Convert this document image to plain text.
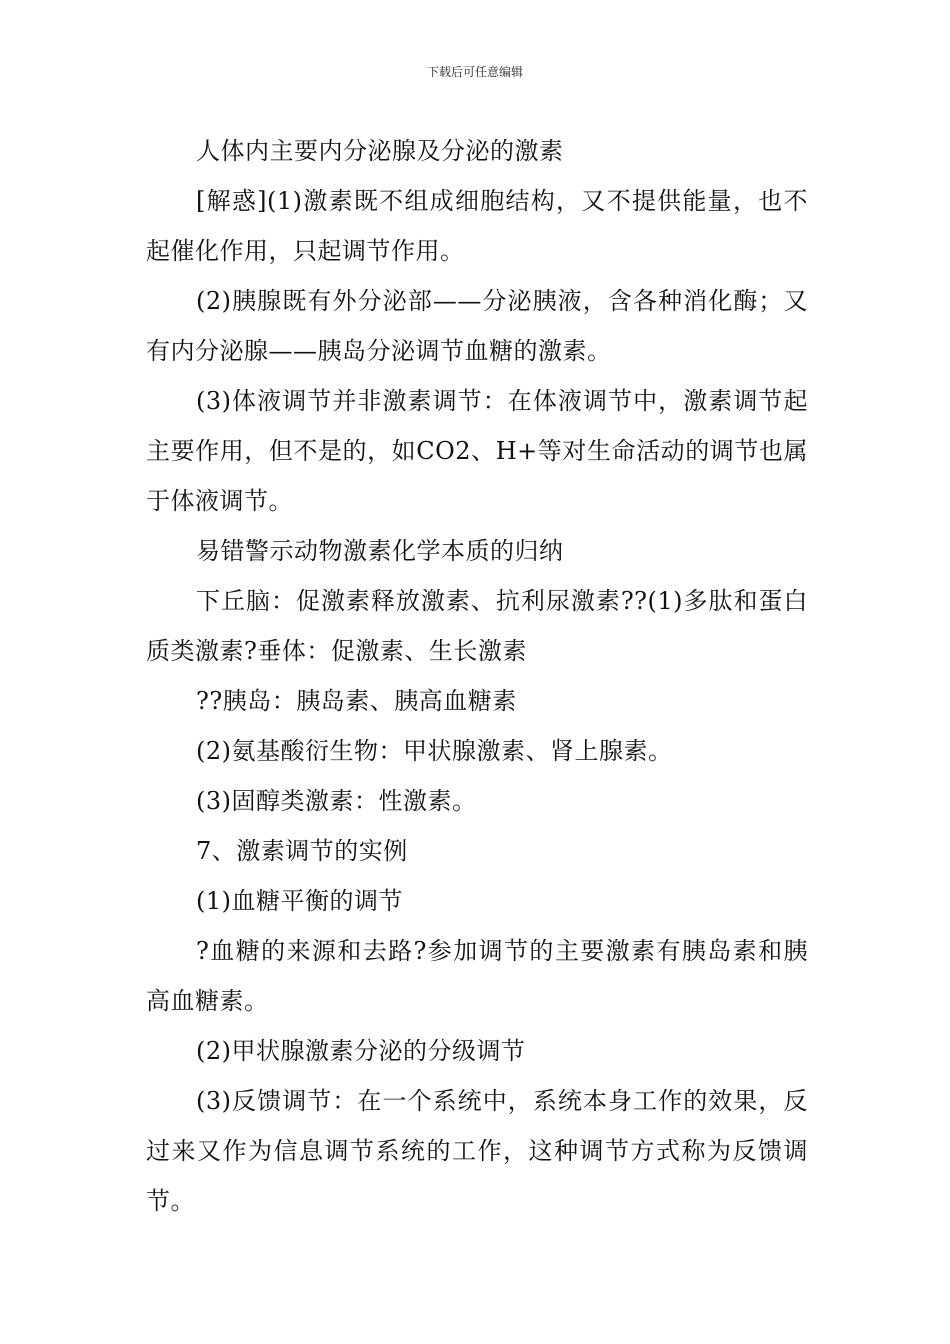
下载后可任意编辑

人体内主要内分泌腺及分泌的激素

[解惑](1)激素既不组成细胞结构，又不提供能量，也不起催化作用，只起调节作用。

(2)胰腺既有外分泌部——分泌胰液，含各种消化酶；又有内分泌腺——胰岛分泌调节血糖的激素。

(3)体液调节并非激素调节：在体液调节中，激素调节起主要作用，但不是的，如CO2、H+等对生命活动的调节也属于体液调节。

易错警示动物激素化学本质的归纳

下丘脑：促激素释放激素、抗利尿激素??(1)多肽和蛋白质类激素?垂体：促激素、生长激素

??胰岛：胰岛素、胰高血糖素

(2)氨基酸衍生物：甲状腺激素、肾上腺素。

(3)固醇类激素：性激素。

7、激素调节的实例

(1)血糖平衡的调节

?血糖的来源和去路?参加调节的主要激素有胰岛素和胰高血糖素。

(2)甲状腺激素分泌的分级调节

(3)反馈调节：在一个系统中，系统本身工作的效果，反过来又作为信息调节系统的工作，这种调节方式称为反馈调节。
